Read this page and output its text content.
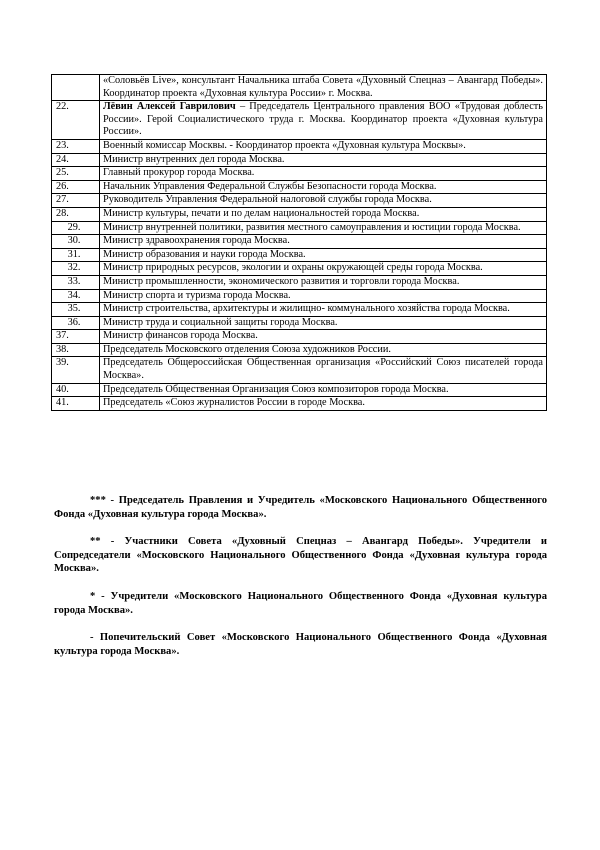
	«Соловьёв Live», консультант Начальника штаба Совета «Духовный Спецназ – Авангард Победы». Координатор проекта «Духовная культура России» г. Москва.
22.	Лёвин Алексей Гаврилович – Председатель Центрального правления ВОО «Трудовая доблесть России». Герой Социалистического труда г. Москва. Координатор проекта «Духовная культура России».
23.	Военный комиссар Москвы. - Координатор проекта «Духовная культура Москвы».
24.	Министр внутренних дел города Москва.
25.	Главный прокурор города Москва.
26.	Начальник Управления Федеральной Службы Безопасности города Москва.
27.	Руководитель Управления Федеральной налоговой службы города Москва.
28.	Министр культуры, печати и по делам национальностей города Москва.
29.	Министр внутренней политики, развития местного самоуправления и юстиции города Москва.
30.	Министр здравоохранения города Москва.
31.	Министр образования и науки города Москва.
32.	Министр природных ресурсов, экологии и охраны окружающей среды города Москва.
33.	Министр промышленности, экономического развития и торговли города Москва.
34.	Министр спорта и туризма города Москва.
35.	Министр строительства, архитектуры и жилищно- коммунального хозяйства города Москва.
36.	Министр труда и социальной защиты города Москва.
37.	Министр финансов города Москва.
38.	Председатель Московского отделения Союза художников России.
39.	Председатель Общероссийская Общественная организация «Российский Союз писателей города Москва».
40.	Председатель Общественная Организация Союз композиторов города Москва.
41.	Председатель «Союз журналистов России в городе Москва.

*** - Председатель Правления и Учредитель «Московского Национального Общественного Фонда «Духовная культура города Москва».

** - Участники Совета «Духовный Спецназ – Авангард Победы». Учредители и Сопредседатели «Московского Национального Общественного Фонда «Духовная культура города Москва».

* - Учредители «Московского Национального Общественного Фонда «Духовная культура города Москва».

- Попечительский Совет «Московского Национального Общественного Фонда «Духовная культура города Москва».
